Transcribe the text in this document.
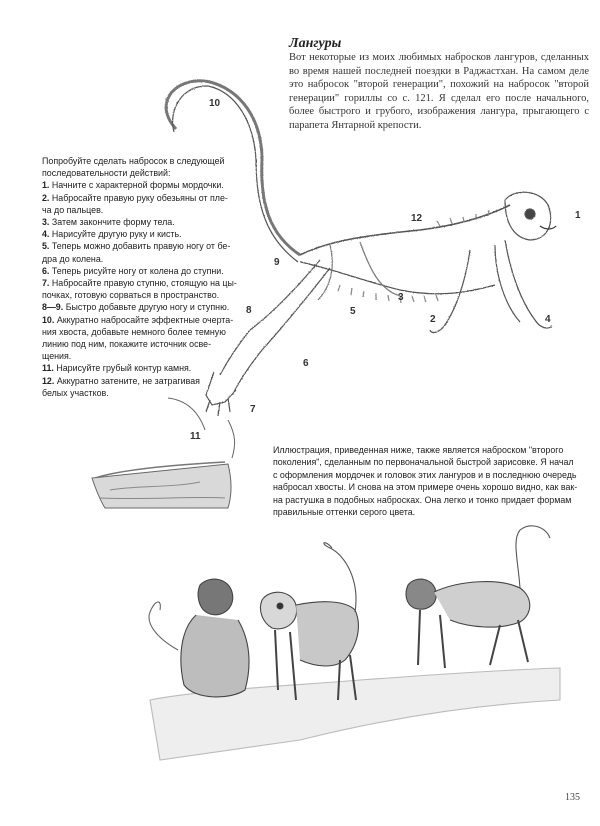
Лангуры
Вот некоторые из моих любимых набросков лангуров, сделанных во время нашей последней поездки в Раджастхан. На самом деле это набросок "второй генерации", похожий на набросок "второй генерации" гориллы со с. 121. Я сделал его после начального, более быстрого и грубого, изображения лангура, прыгающего с парапета Янтарной крепости.
Попробуйте сделать набросок в следующей
последовательности действий:
1. Начните с характерной формы мордочки.
2. Набросайте правую руку обезьяны от пле-
ча до пальцев.
3. Затем закончите форму тела.
4. Нарисуйте другую руку и кисть.
5. Теперь можно добавить правую ногу от бе-
дра до колена.
6. Теперь рисуйте ногу от колена до ступни.
7. Набросайте правую ступню, стоящую на цы-
почках, готовую сорваться в пространство.
8—9. Быстро добавьте другую ногу и ступню.
10. Аккуратно набросайте эффектные очерта-
ния хвоста, добавьте немного более темную
линию под ним, покажите источник осве-
щения.
11. Нарисуйте грубый контур камня.
12. Аккуратно затените, не затрагивая
белых участков.
Иллюстрация, приведенная ниже, также является наброском "второго
поколения", сделанным по первоначальной быстрой зарисовке. Я начал
с оформления мордочек и головок этих лангуров и в последнюю очередь
набросал хвосты. И снова на этом примере очень хорошо видно, как вак-
на растушка в подобных набросках. Она легко и тонко придает формам
правильные оттенки серого цвета.
10
12	1
9
3
8	5
2	4
6
7
11
135
